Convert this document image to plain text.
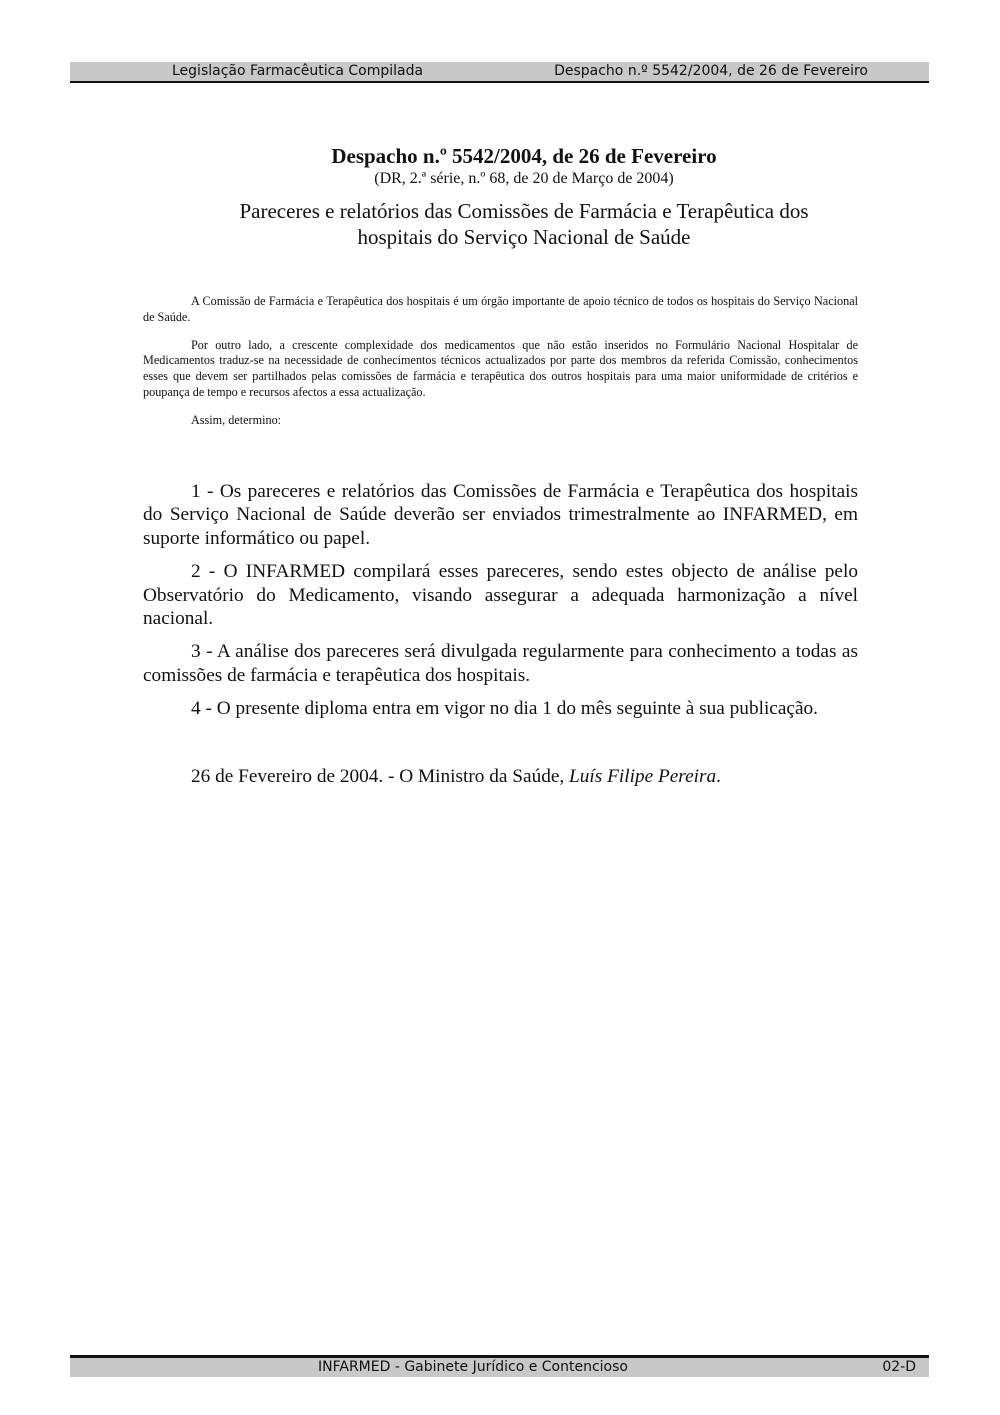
Legislação Farmacêutica Compilada	Despacho n.º 5542/2004, de 26 de Fevereiro
Despacho n.º 5542/2004, de 26 de Fevereiro
(DR, 2.ª série, n.º 68, de 20 de Março de 2004)
Pareceres e relatórios das Comissões de Farmácia e Terapêutica dos
hospitais do Serviço Nacional de Saúde

A Comissão de Farmácia e Terapêutica dos hospitais é um órgão importante de apoio técnico de todos os hospitais do Serviço Nacional de Saúde.

Por outro lado, a crescente complexidade dos medicamentos que não estão inseridos no Formulário Nacional Hospitalar de Medicamentos traduz-se na necessidade de conhecimentos técnicos actualizados por parte dos membros da referida Comissão, conhecimentos esses que devem ser partilhados pelas comissões de farmácia e terapêutica dos outros hospitais para uma maior uniformidade de critérios e poupança de tempo e recursos afectos a essa actualização.

Assim, determino:

1 - Os pareceres e relatórios das Comissões de Farmácia e Terapêutica dos hospitais do Serviço Nacional de Saúde deverão ser enviados trimestralmente ao INFARMED, em suporte informático ou papel.

2 - O INFARMED compilará esses pareceres, sendo estes objecto de análise pelo Observatório do Medicamento, visando assegurar a adequada harmonização a nível nacional.

3 - A análise dos pareceres será divulgada regularmente para conhecimento a todas as comissões de farmácia e terapêutica dos hospitais.

4 - O presente diploma entra em vigor no dia 1 do mês seguinte à sua publicação.

26 de Fevereiro de 2004. - O Ministro da Saúde, Luís Filipe Pereira.
INFARMED - Gabinete Jurídico e Contencioso	02-D
